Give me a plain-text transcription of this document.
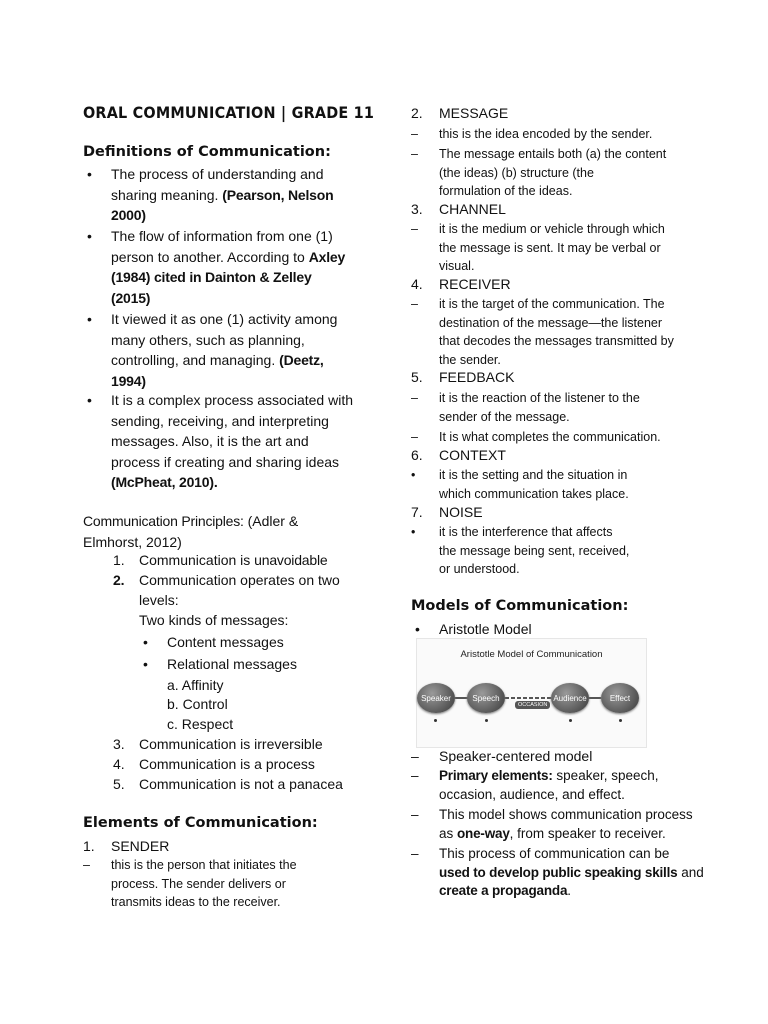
ORAL COMMUNICATION | GRADE 11
Definitions of Communication:
• The process of understanding and
sharing meaning. (Pearson, Nelson
2000)
• The flow of information from one (1)
person to another. According to Axley
(1984) cited in Dainton & Zelley
(2015)
• It viewed it as one (1) activity among
many others, such as planning,
controlling, and managing. (Deetz,
1994)
• It is a complex process associated with
sending, receiving, and interpreting
messages. Also, it is the art and
process if creating and sharing ideas
(McPheat, 2010).
Communication Principles: (Adler &
Elmhorst, 2012)
1. Communication is unavoidable
2. Communication operates on two
levels:
Two kinds of messages:
• Content messages
• Relational messages
a. Affinity
b. Control
c. Respect
3. Communication is irreversible
4. Communication is a process
5. Communication is not a panacea
Elements of Communication:
1. SENDER
– this is the person that initiates the
process. The sender delivers or
transmits ideas to the receiver.
2. MESSAGE
– this is the idea encoded by the sender.
– The message entails both (a) the content
(the ideas) (b) structure (the
formulation of the ideas.
3. CHANNEL
– it is the medium or vehicle through which
the message is sent. It may be verbal or
visual.
4. RECEIVER
– it is the target of the communication. The
destination of the message—the listener
that decodes the messages transmitted by
the sender.
5. FEEDBACK
– it is the reaction of the listener to the
sender of the message.
– It is what completes the communication.
6. CONTEXT
• it is the setting and the situation in
which communication takes place.
7. NOISE
• it is the interference that affects
the message being sent, received,
or understood.
Models of Communication:
• Aristotle Model
Aristotle Model of Communication
Speaker	Speech	Audience	Effect
OCCASION
– Speaker-centered model
– Primary elements: speaker, speech,
occasion, audience, and effect.
– This model shows communication process
as one-way, from speaker to receiver.
– This process of communication can be
used to develop public speaking skills and
create a propaganda.
